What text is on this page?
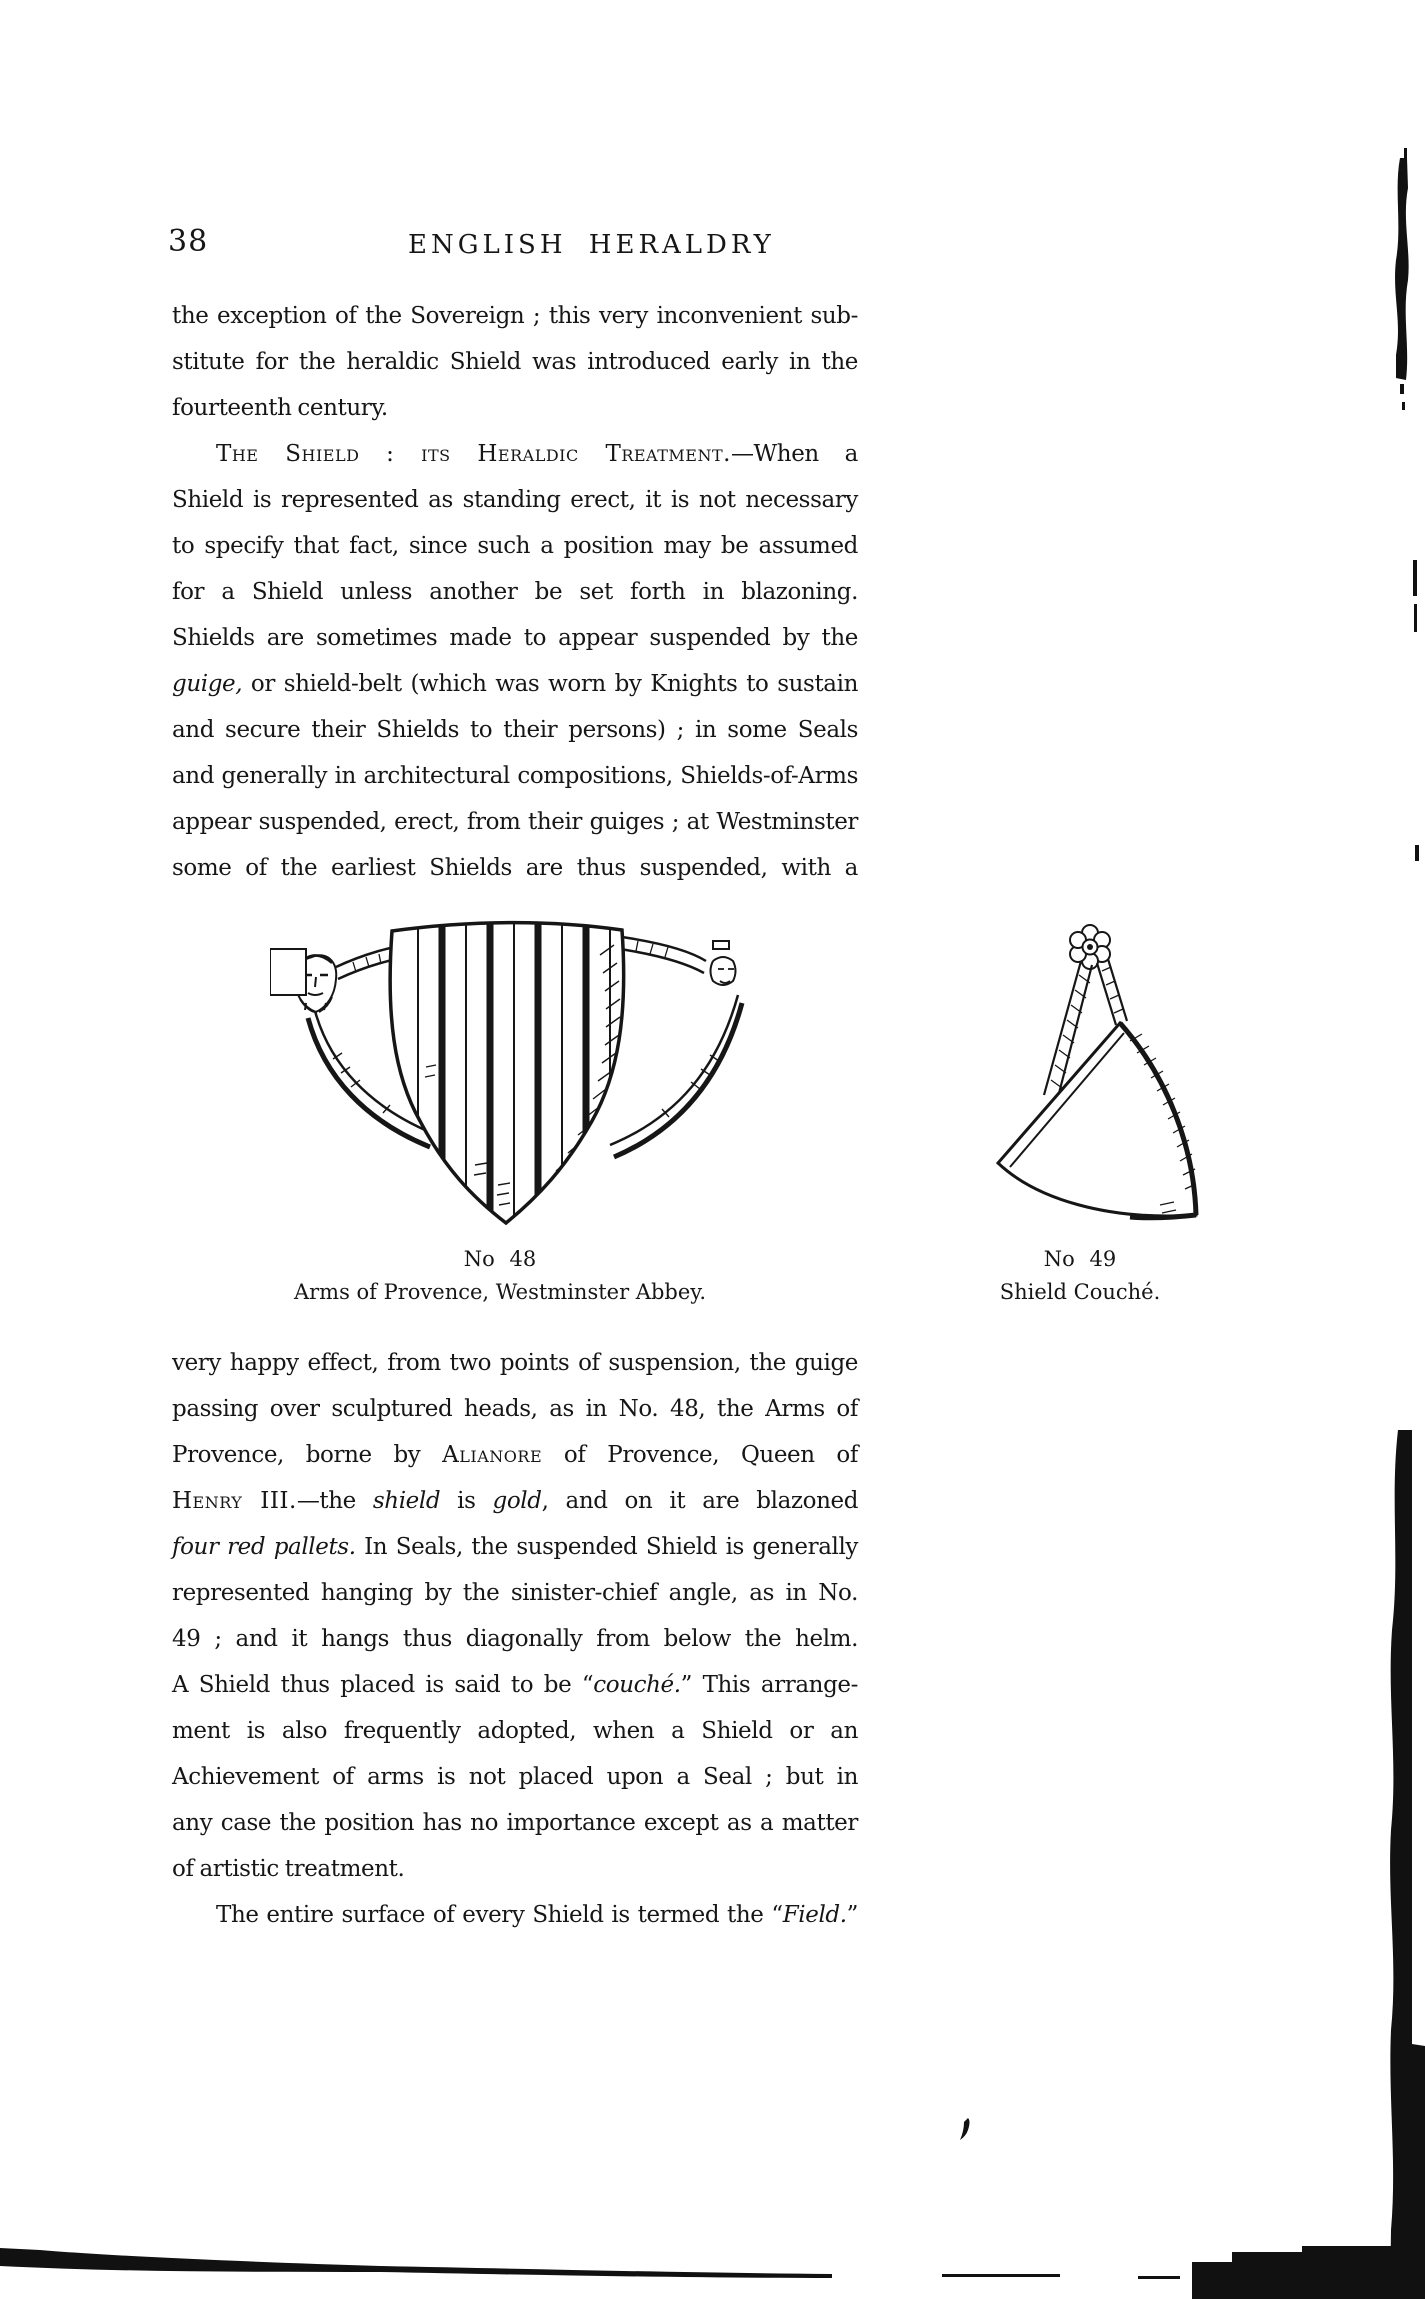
38	ENGLISH HERALDRY
the exception of the Sovereign ; this very inconvenient sub-
stitute for the heraldic Shield was introduced early in the
fourteenth century.
The Shield : its Heraldic Treatment.—When a
Shield is represented as standing erect, it is not necessary
to specify that fact, since such a position may be assumed
for a Shield unless another be set forth in blazoning.
Shields are sometimes made to appear suspended by the
guige, or shield-belt (which was worn by Knights to sustain
and secure their Shields to their persons) ; in some Seals
and generally in architectural compositions, Shields-of-Arms
appear suspended, erect, from their guiges ; at Westminster
some of the earliest Shields are thus suspended, with a
No 48
Arms of Provence, Westminster Abbey.
No 49
Shield Couché.
very happy effect, from two points of suspension, the guige
passing over sculptured heads, as in No. 48, the Arms of
Provence, borne by Alianore of Provence, Queen of
Henry III.—the shield is gold, and on it are blazoned
four red pallets. In Seals, the suspended Shield is generally
represented hanging by the sinister-chief angle, as in No.
49 ; and it hangs thus diagonally from below the helm.
A Shield thus placed is said to be “couché.” This arrange-
ment is also frequently adopted, when a Shield or an
Achievement of arms is not placed upon a Seal ; but in
any case the position has no importance except as a matter
of artistic treatment.
The entire surface of every Shield is termed the “Field.”
